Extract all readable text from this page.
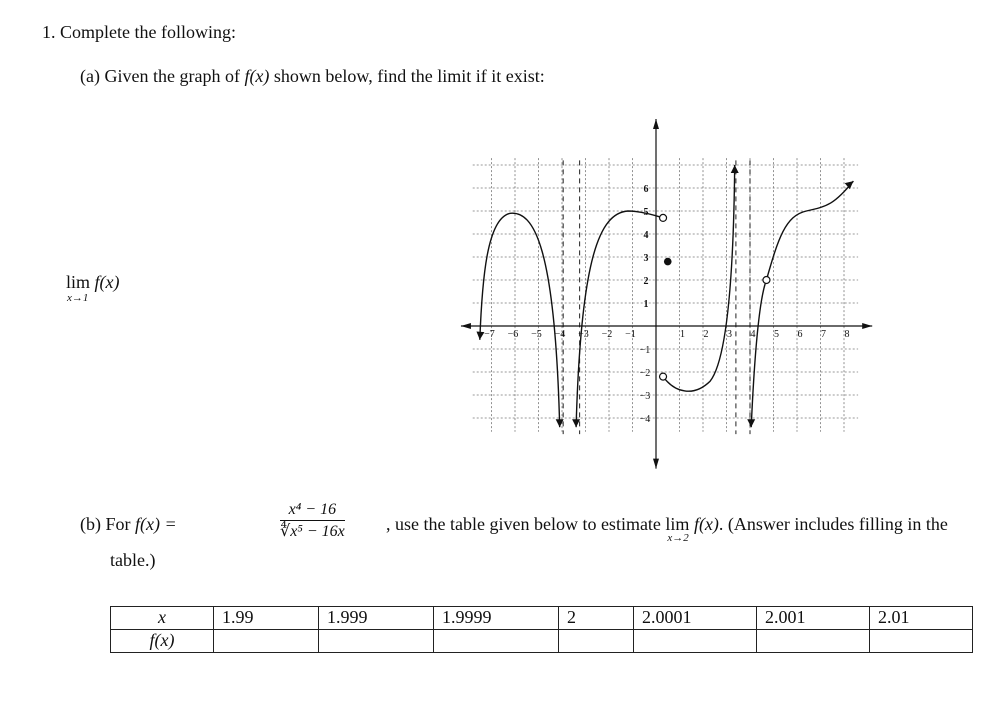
1. Complete the following:
(a) Given the graph of f(x) shown below, find the limit if it exist:
lim
x→1
f(x)
−7 −6 −5 −4 −3 −2 −1	1 2 3 4 5 6 7 8
1
2
3
4
5
6
−1
−2
−3
−4
(b) For f(x) =	$\frac{\text{x⁴ − 16}}{\text{∜x⁵ − 16x}}$ , use the table given below to estimate lim
x→2
f(x). (Answer includes filling in the
table.)
x	1.99	1.999	1.9999	2	2.0001	2.001	2.01
f(x)							
